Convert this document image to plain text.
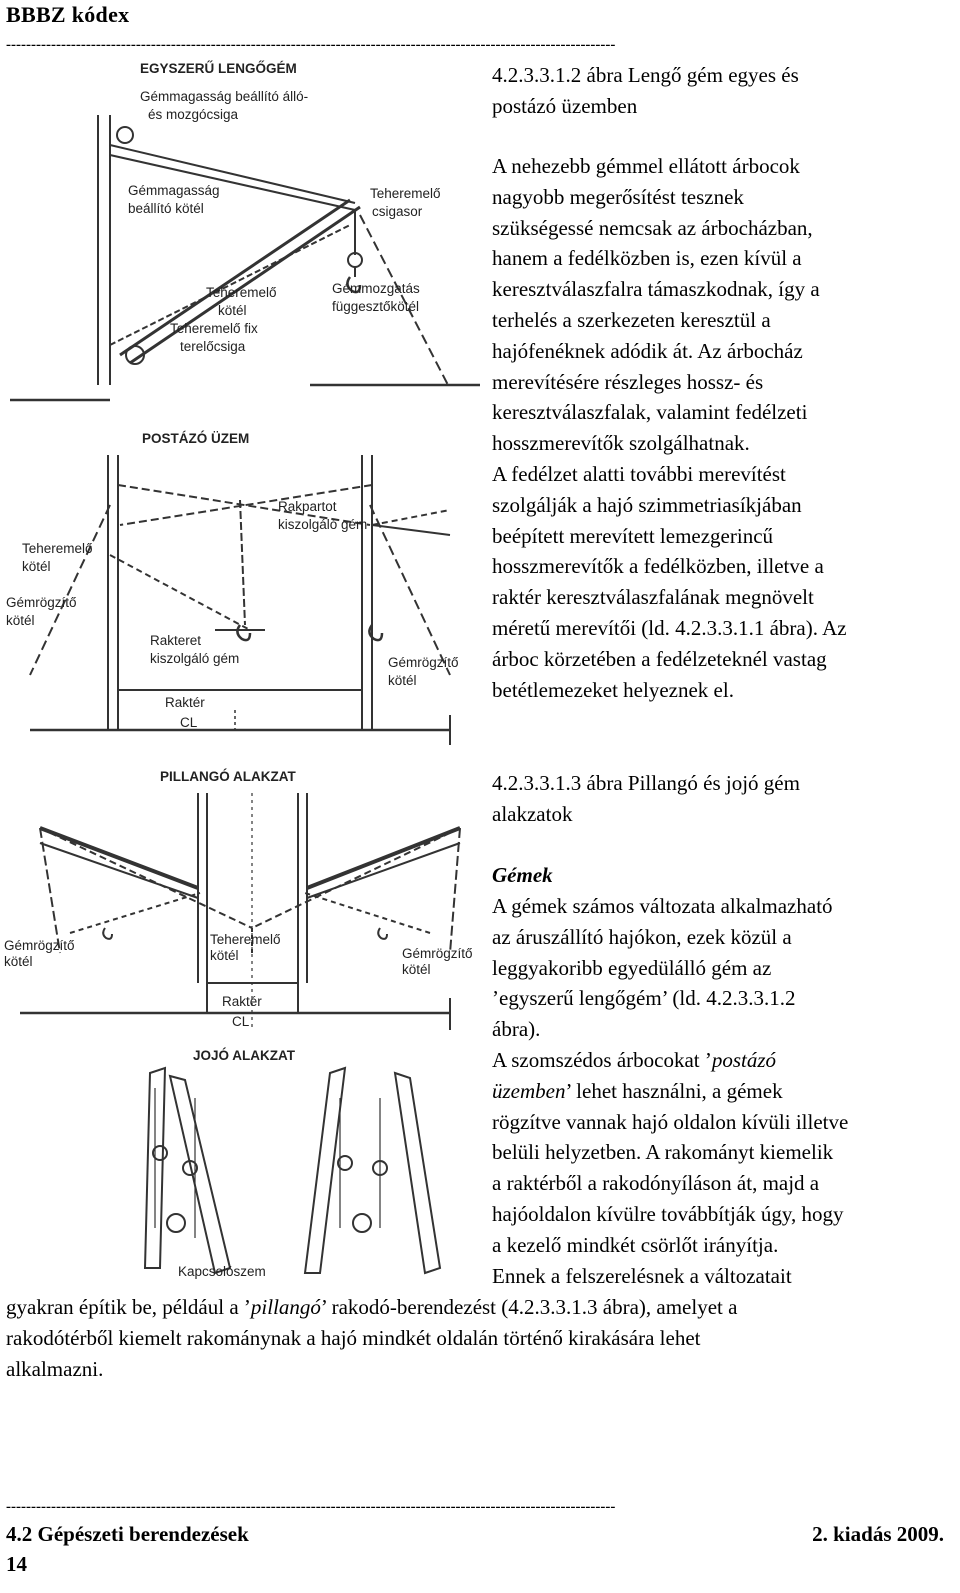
BBBZ kódex
--------------------------------------------------------------------------------------------------------------------------
EGYSZERŰ LENGŐGÉM
Gémmagasság beállító álló-
és mozgócsiga
Gémmagasság
beállító kötél
Teheremelő
csigasor
Teheremelő
kötél
Teheremelő fix
terelőcsiga
Gémmozgatás
függesztőkötél
POSTÁZÓ ÜZEM
Rakpartot
kiszolgáló gém
Teheremelő
kötél
Gémrögzítő
kötél
Rakteret
kiszolgáló gém	Gémrögzítő
kötél
Raktér
CL
4.2.3.3.1.2 ábra Lengő gém egyes és
postázó üzemben
A nehezebb gémmel ellátott árbocok
nagyobb megerősítést tesznek
szükségessé nemcsak az árbocházban,
hanem a fedélközben is, ezen kívül a
keresztválaszfalra támaszkodnak, így a
terhelés a szerkezeten keresztül a
hajófenéknek adódik át. Az árbocház
merevítésére részleges hossz- és
keresztválaszfalak, valamint fedélzeti
hosszmerevítők szolgálhatnak.
A fedélzet alatti további merevítést
szolgálják a hajó szimmetriasíkjában
beépített merevített lemezgerincű
hosszmerevítők a fedélközben, illetve a
raktér keresztválaszfalának megnövelt
méretű merevítői (ld. 4.2.3.3.1.1 ábra). Az
árboc körzetében a fedélzeteknél vastag
betétlemezeket helyeznek el.
PILLANGÓ ALAKZAT
Gémrögzítő
kötél
Teheremelő
kötél	Gémrögzítő
kötél
Raktér
CL
JOJÓ ALAKZAT
Kapcsolószem
4.2.3.3.1.3 ábra Pillangó és jojó gém
alakzatok
Gémek
A gémek számos változata alkalmazható
az áruszállító hajókon, ezek közül a
leggyakoribb egyedülálló gém az
’egyszerű lengőgém’ (ld. 4.2.3.3.1.2
ábra).
A szomszédos árbocokat ’postázó
üzemben’ lehet használni, a gémek
rögzítve vannak hajó oldalon kívüli illetve
belüli helyzetben. A rakományt kiemelik
a raktérből a rakodónyíláson át, majd a
hajóoldalon kívülre továbbítják úgy, hogy
a kezelő mindkét csörlőt irányítja.
Ennek a felszerelésnek a változatait
gyakran építik be, például a ’pillangó’ rakodó-berendezést (4.2.3.3.1.3 ábra), amelyet a
rakodótérből kiemelt rakománynak a hajó mindkét oldalán történő kirakására lehet
alkalmazni.
--------------------------------------------------------------------------------------------------------------------------
4.2 Gépészeti berendezések	2. kiadás 2009.
14
